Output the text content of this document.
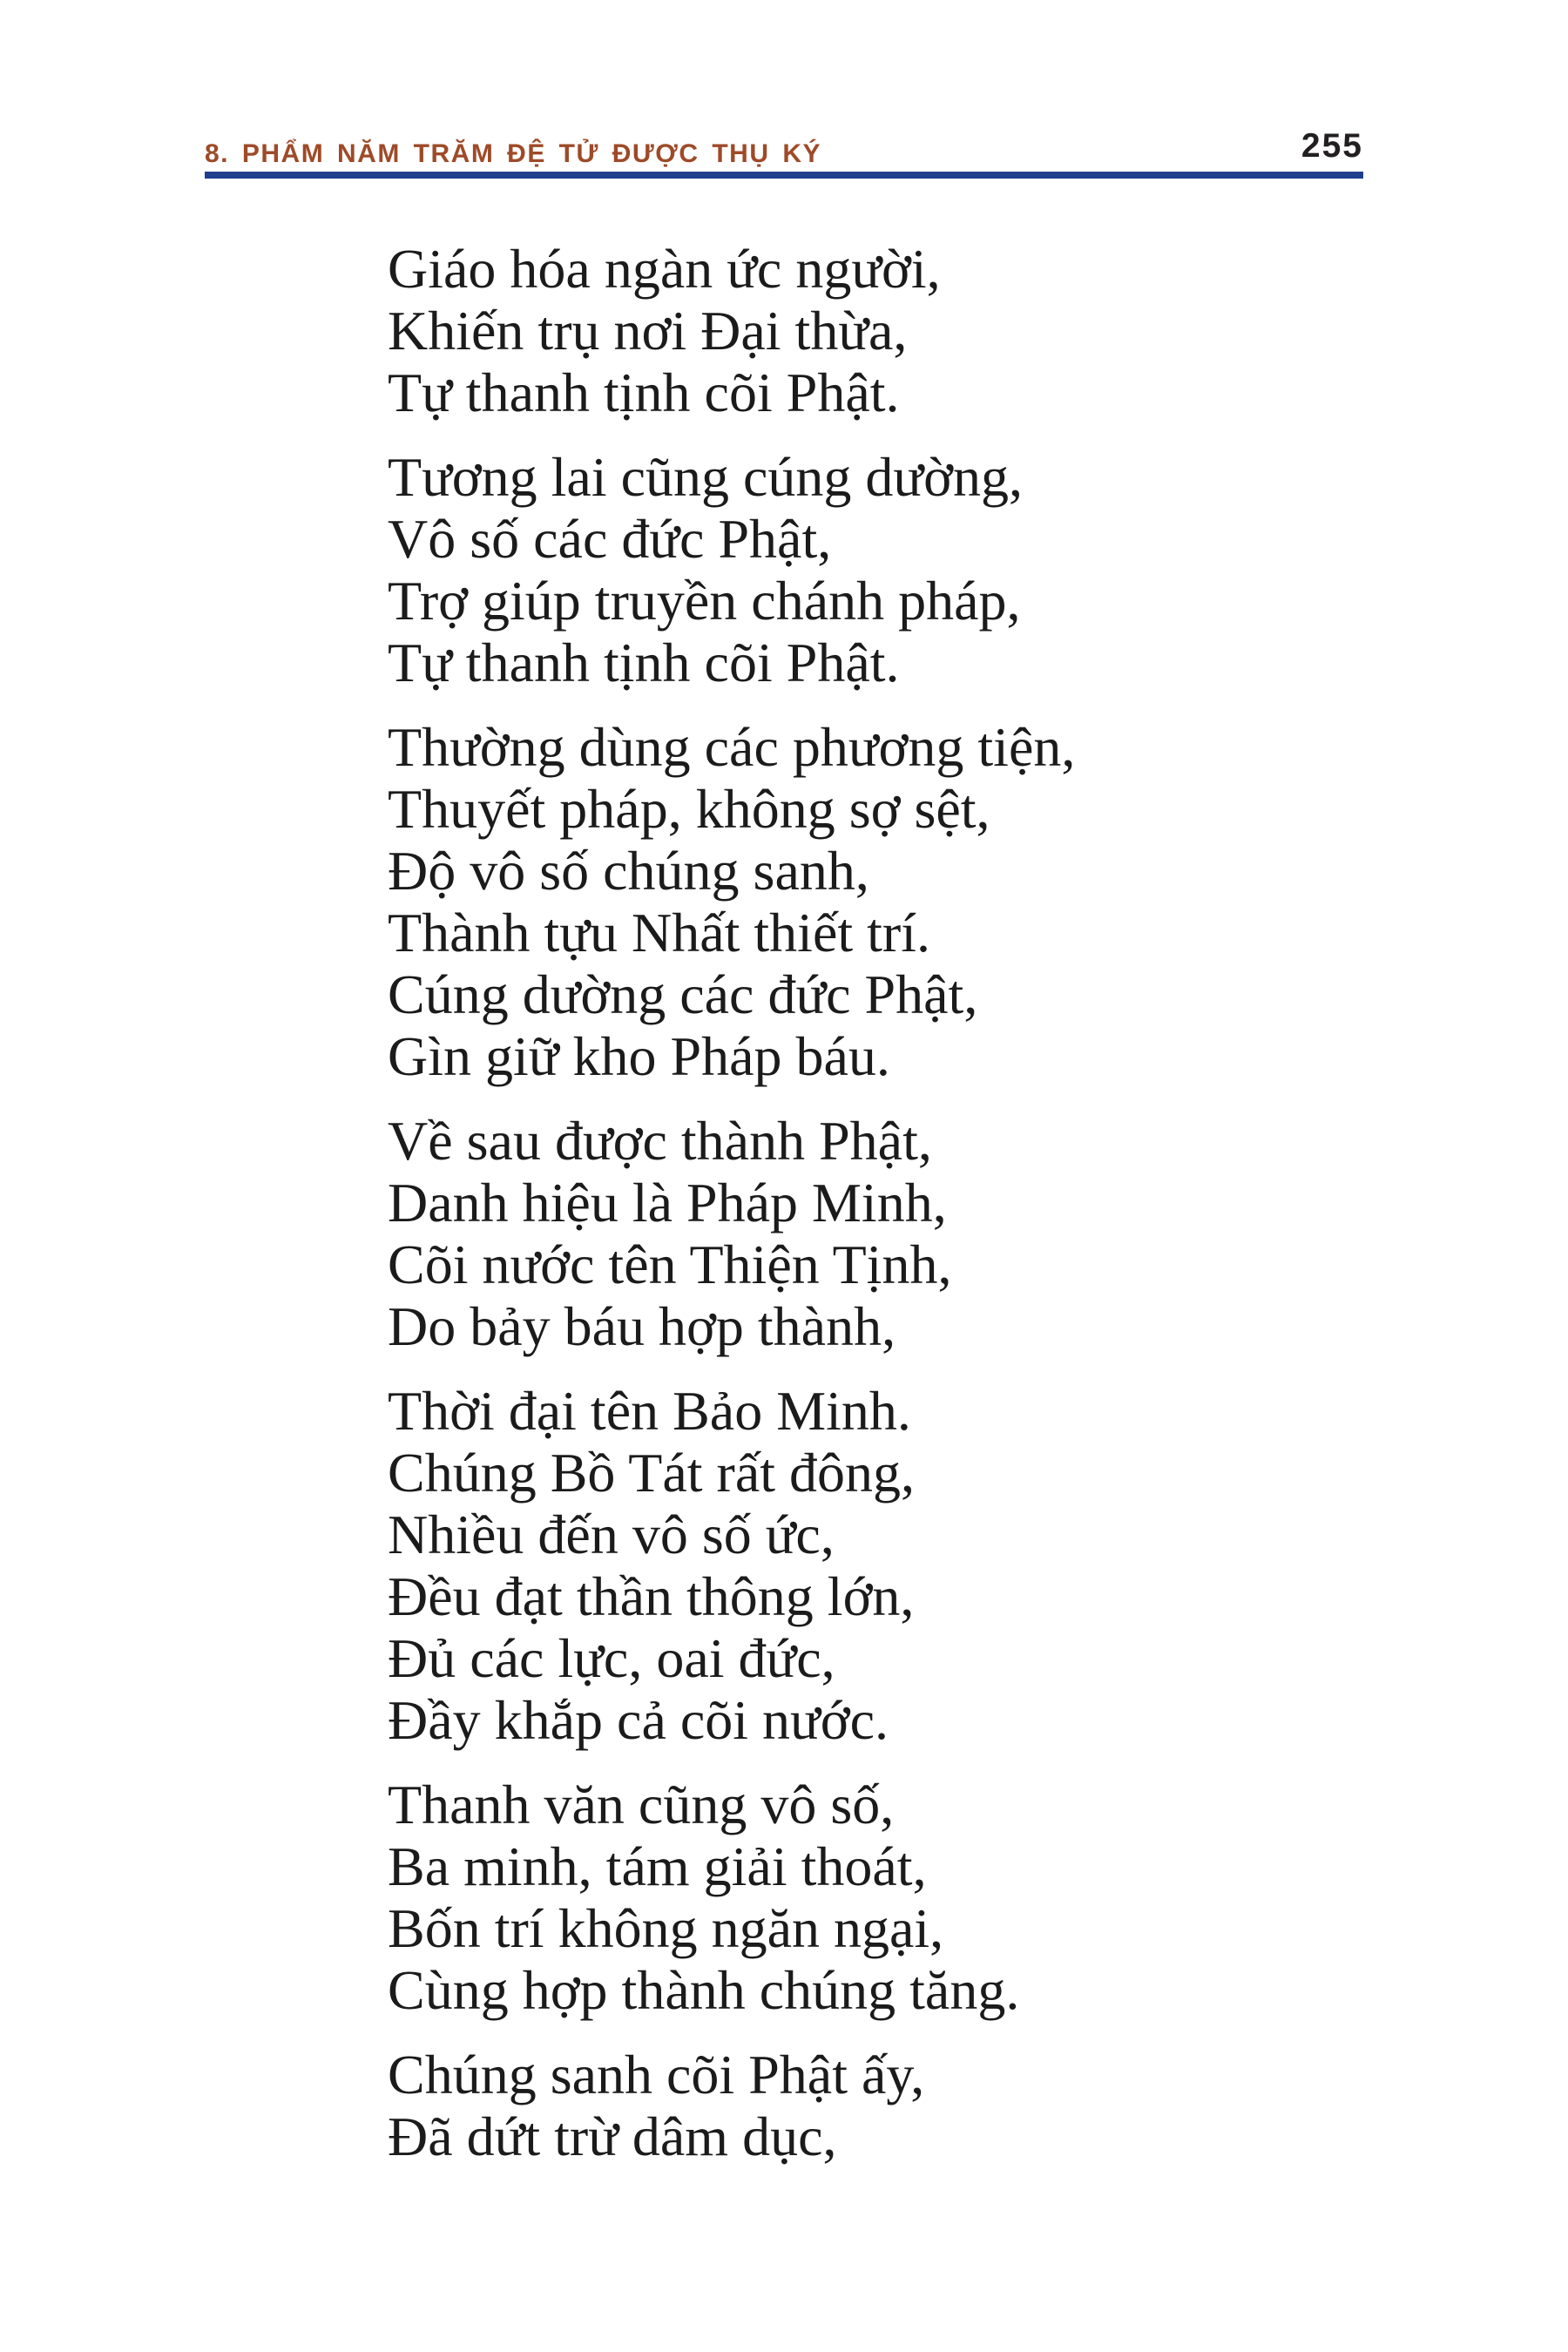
8. PHẨM NĂM TRĂM ĐỆ TỬ ĐƯỢC THỤ KÝ	255

Giáo hóa ngàn ức người,
Khiến trụ nơi Đại thừa,
Tự thanh tịnh cõi Phật.

Tương lai cũng cúng dường,
Vô số các đức Phật,
Trợ giúp truyền chánh pháp,
Tự thanh tịnh cõi Phật.

Thường dùng các phương tiện,
Thuyết pháp, không sợ sệt,
Độ vô số chúng sanh,
Thành tựu Nhất thiết trí.
Cúng dường các đức Phật,
Gìn giữ kho Pháp báu.

Về sau được thành Phật,
Danh hiệu là Pháp Minh,
Cõi nước tên Thiện Tịnh,
Do bảy báu hợp thành,

Thời đại tên Bảo Minh.
Chúng Bồ Tát rất đông,
Nhiều đến vô số ức,
Đều đạt thần thông lớn,
Đủ các lực, oai đức,
Đầy khắp cả cõi nước.

Thanh văn cũng vô số,
Ba minh, tám giải thoát,
Bốn trí không ngăn ngại,
Cùng hợp thành chúng tăng.

Chúng sanh cõi Phật ấy,
Đã dứt trừ dâm dục,
